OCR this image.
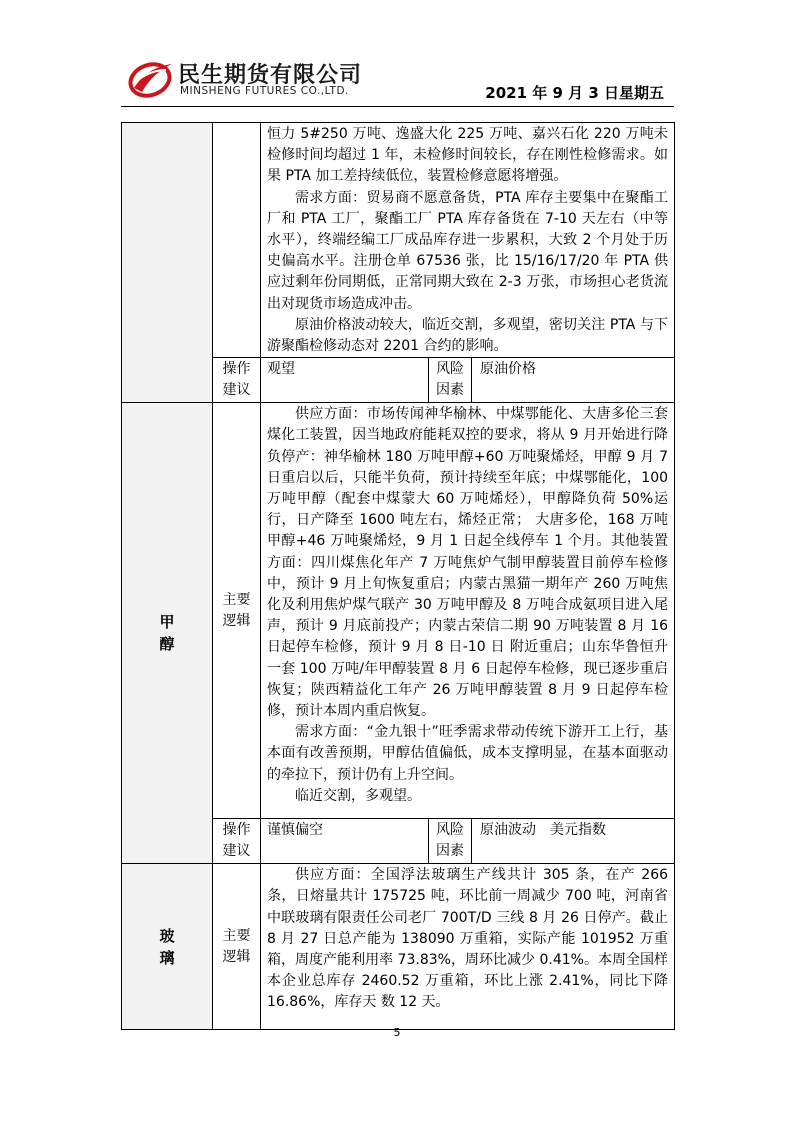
民生期货有限公司
MINSHENG FUTURES CO.,LTD.	2021 年 9 月 3 日星期五

		恒力 5#250 万吨、逸盛大化 225 万吨、嘉兴石化 220 万吨未检修时间均超过 1 年，未检修时间较长，存在刚性检修需求。如果 PTA 加工差持续低位，装置检修意愿将增强。

需求方面：贸易商不愿意备货，PTA 库存主要集中在聚酯工厂和 PTA 工厂，聚酯工厂 PTA 库存备货在 7-10 天左右（中等水平），终端经编工厂成品库存进一步累积，大致 2 个月处于历史偏高水平。注册仓单 67536 张，比 15/16/17/20 年 PTA 供应过剩年份同期低，正常同期大致在 2-3 万张，市场担心老货流出对现货市场造成冲击。

原油价格波动较大，临近交割，多观望，密切关注 PTA 与下游聚酯检修动态对 2201 合约的影响。		

	操作建议	观望	风险因素	原油价格
甲醇	主要逻辑	供应方面：市场传闻神华榆林、中煤鄂能化、大唐多伦三套煤化工装置，因当地政府能耗双控的要求，将从 9 月开始进行降负停产：神华榆林 180 万吨甲醇+60 万吨聚烯烃，甲醇 9 月 7 日重启以后，只能半负荷，预计持续至年底；中煤鄂能化，100 万吨甲醇（配套中煤蒙大 60 万吨烯烃），甲醇降负荷 50%运行，日产降至 1600 吨左右，烯烃正常； 大唐多伦，168 万吨甲醇+46 万吨聚烯烃，9 月 1 日起全线停车 1 个月。其他装置方面：四川煤焦化年产 7 万吨焦炉气制甲醇装置目前停车检修中，预计 9 月上旬恢复重启；内蒙古黑猫一期年产 260 万吨焦化及利用焦炉煤气联产 30 万吨甲醇及 8 万吨合成氨项目进入尾声，预计 9 月底前投产；内蒙古荣信二期 90 万吨装置 8 月 16 日起停车检修，预计 9 月 8 日-10 日 附近重启；山东华鲁恒升一套 100 万吨/年甲醇装置 8 月 6 日起停车检修，现已逐步重启恢复；陕西精益化工年产 26 万吨甲醇装置 8 月 9 日起停车检修，预计本周内重启恢复。

需求方面：“金九银十”旺季需求带动传统下游开工上行，基本面有改善预期，甲醇估值偏低，成本支撑明显，在基本面驱动的牵拉下，预计仍有上升空间。

临近交割，多观望。		

	操作建议	谨慎偏空	风险因素	原油波动　美元指数
玻璃	主要逻辑	供应方面：全国浮法玻璃生产线共计 305 条，在产 266 条，日熔量共计 175725 吨，环比前一周减少 700 吨，河南省中联玻璃有限责任公司老厂 700T/D 三线 8 月 26 日停产。截止 8 月 27 日总产能为 138090 万重箱，实际产能 101952 万重箱，周度产能利用率 73.83%，周环比减少 0.41%。本周全国样本企业总库存 2460.52 万重箱，环比上涨 2.41%，同比下降 16.86%，库存天 数 12 天。		

5
